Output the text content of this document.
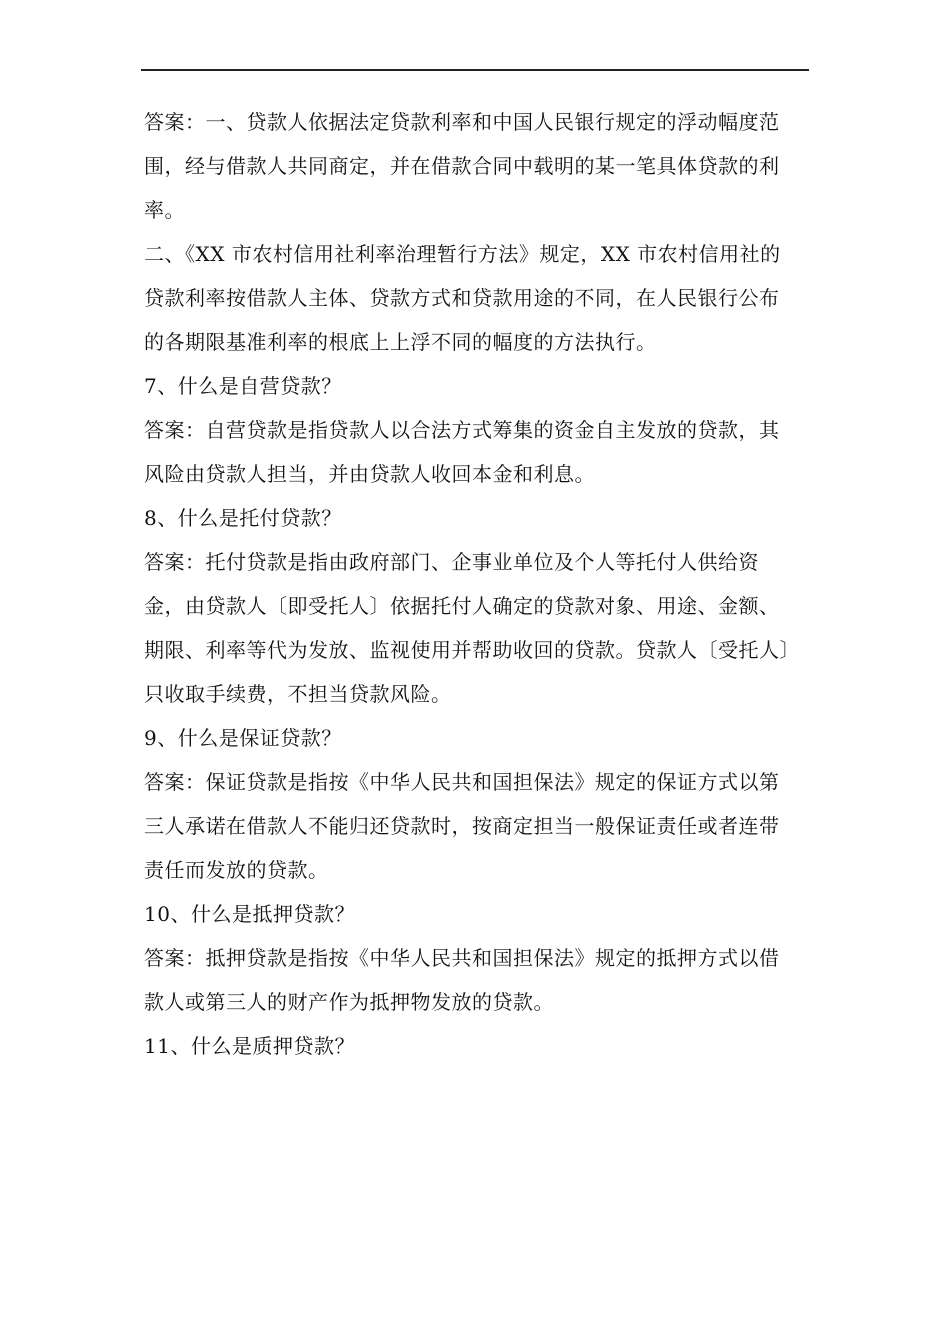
答案：一、贷款人依据法定贷款利率和中国人民银行规定的浮动幅度范围，经与借款人共同商定，并在借款合同中载明的某一笔具体贷款的利率。

二、《XX 市农村信用社利率治理暂行方法》规定，XX 市农村信用社的贷款利率按借款人主体、贷款方式和贷款用途的不同，在人民银行公布的各期限基准利率的根底上上浮不同的幅度的方法执行。

7、什么是自营贷款？

答案：自营贷款是指贷款人以合法方式筹集的资金自主发放的贷款，其 风险由贷款人担当，并由贷款人收回本金和利息。

8、什么是托付贷款？

答案：托付贷款是指由政府部门、企事业单位及个人等托付人供给资金，由贷款人〔即受托人〕依据托付人确定的贷款对象、用途、金额、 期限、利率等代为发放、监视使用并帮助收回的贷款。贷款人〔受托人〕只收取手续费，不担当贷款风险。

9、什么是保证贷款？

答案：保证贷款是指按《中华人民共和国担保法》规定的保证方式以第 三人承诺在借款人不能归还贷款时，按商定担当一般保证责任或者连带 责任而发放的贷款。

10、什么是抵押贷款？

答案：抵押贷款是指按《中华人民共和国担保法》规定的抵押方式以借 款人或第三人的财产作为抵押物发放的贷款。

11、什么是质押贷款？
